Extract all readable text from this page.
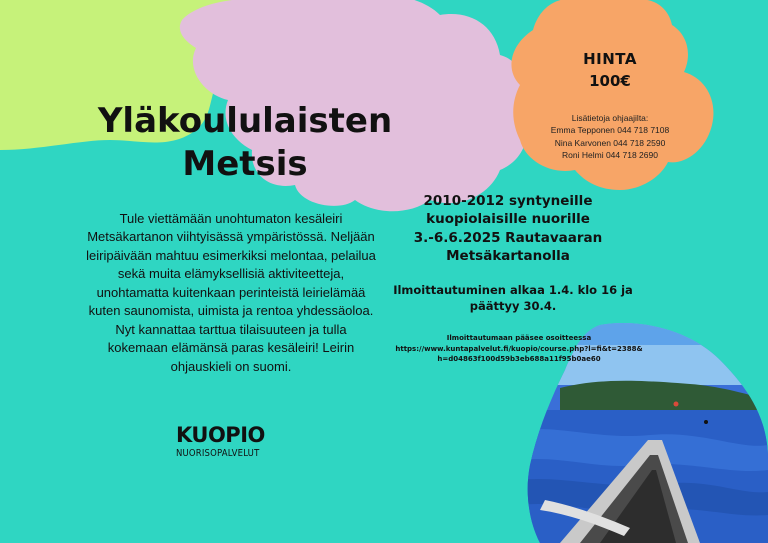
Yläkoululaisten
Metsis
Tule viettämään unohtumaton kesäleiri Metsäkartanon viihtyisässä ympäristössä. Neljään leiripäivään mahtuu esimerkiksi melontaa, pelailua sekä muita elämyksellisiä aktiviteetteja, unohtamatta kuitenkaan perinteistä leirielämää kuten saunomista, uimista ja rentoa yhdessäoloa. Nyt kannattaa tarttua tilaisuuteen ja tulla kokemaan elämänsä paras kesäleiri! Leirin ohjauskieli on suomi.
HINTA
100€
Lisätietoja ohjaajilta:
Emma Tepponen 044 718 7108
Nina Karvonen 044 718 2590
Roni Helmi 044 718 2690
2010-2012 syntyneille
kuopiolaisille nuorille
3.-6.6.2025 Rautavaaran
Metsäkartanolla
Ilmoittautuminen alkaa 1.4. klo 16 ja päättyy 30.4.
Ilmoittautumaan pääsee osoitteessa
https://www.kuntapalvelut.fi/kuopio/course.php?l=fi&t=2388&h=d04863f100d59b3eb688a11f95b0ae60
KUOPIO
NUORISOPALVELUT
